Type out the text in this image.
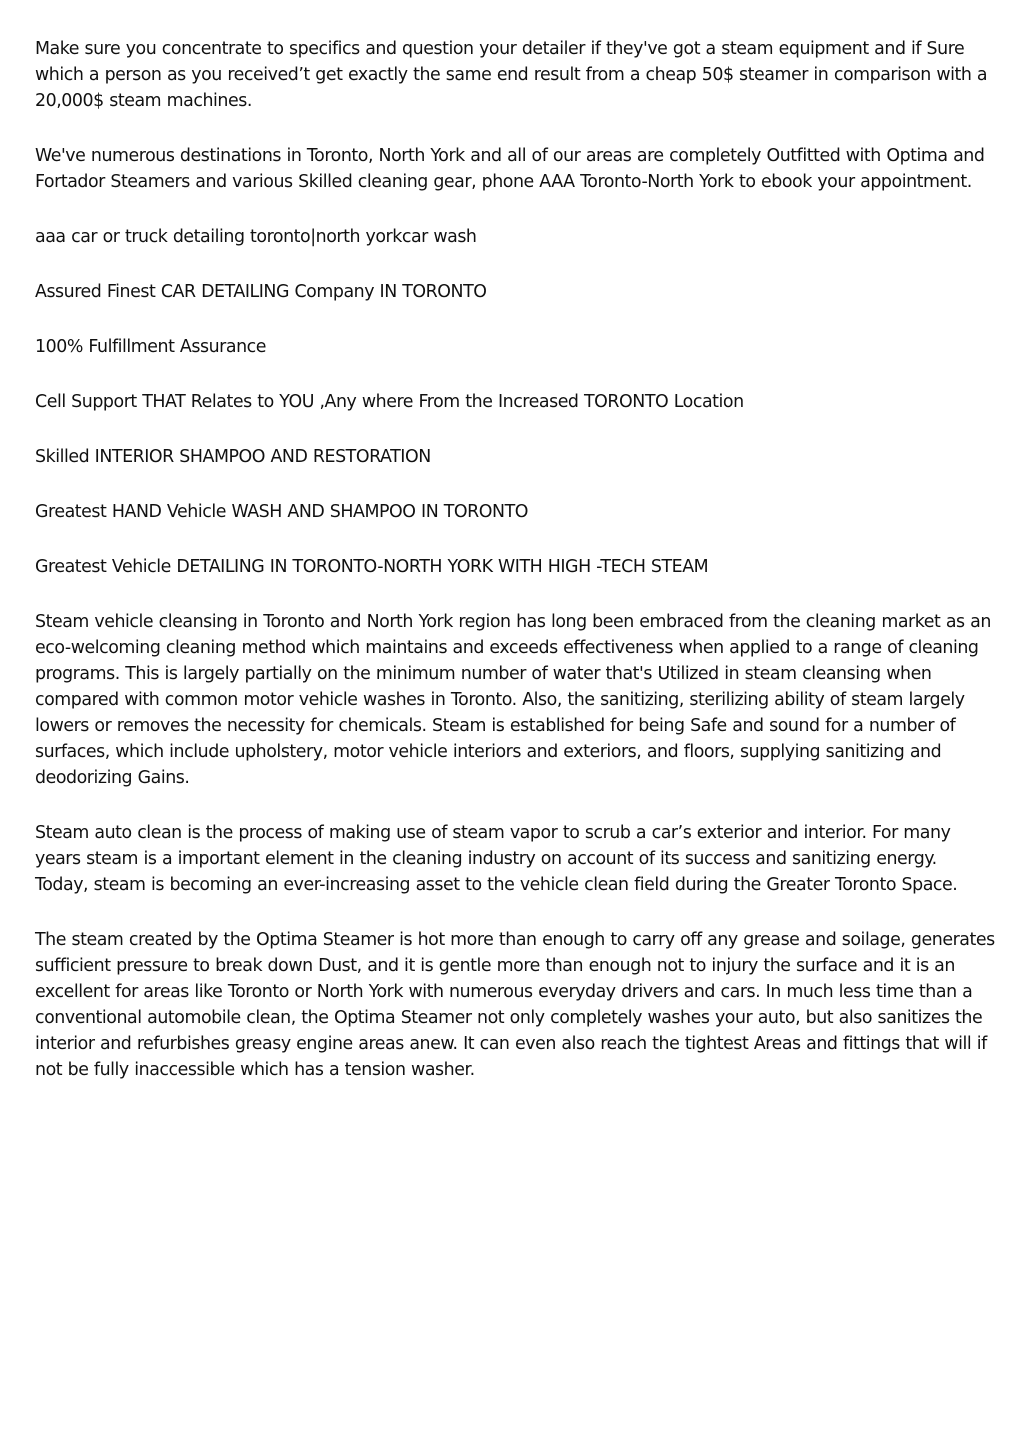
Make sure you concentrate to specifics and question your detailer if they've got a steam equipment and if Sure which a person as you received’t get exactly the same end result from a cheap 50$ steamer in comparison with a 20,000$ steam machines.

We've numerous destinations in Toronto, North York and all of our areas are completely Outfitted with Optima and Fortador Steamers and various Skilled cleaning gear, phone AAA Toronto-North York to ebook your appointment.

aaa car or truck detailing toronto|north yorkcar wash

Assured Finest CAR DETAILING Company IN TORONTO

100% Fulfillment Assurance

Cell Support THAT Relates to YOU ,Any where From the Increased TORONTO Location

Skilled INTERIOR SHAMPOO AND RESTORATION

Greatest HAND Vehicle WASH AND SHAMPOO IN TORONTO

Greatest Vehicle DETAILING IN TORONTO-NORTH YORK WITH HIGH -TECH STEAM

Steam vehicle cleansing in Toronto and North York region has long been embraced from the cleaning market as an eco-welcoming cleaning method which maintains and exceeds effectiveness when applied to a range of cleaning programs. This is largely partially on the minimum number of water that's Utilized in steam cleansing when compared with common motor vehicle washes in Toronto. Also, the sanitizing, sterilizing ability of steam largely lowers or removes the necessity for chemicals. Steam is established for being Safe and sound for a number of surfaces, which include upholstery, motor vehicle interiors and exteriors, and floors, supplying sanitizing and deodorizing Gains.

Steam auto clean is the process of making use of steam vapor to scrub a car’s exterior and interior. For many years steam is a important element in the cleaning industry on account of its success and sanitizing energy. Today, steam is becoming an ever-increasing asset to the vehicle clean field during the Greater Toronto Space.

The steam created by the Optima Steamer is hot more than enough to carry off any grease and soilage, generates sufficient pressure to break down Dust, and it is gentle more than enough not to injury the surface and it is an excellent for areas like Toronto or North York with numerous everyday drivers and cars. In much less time than a conventional automobile clean, the Optima Steamer not only completely washes your auto, but also sanitizes the interior and refurbishes greasy engine areas anew. It can even also reach the tightest Areas and fittings that will if not be fully inaccessible which has a tension washer.
